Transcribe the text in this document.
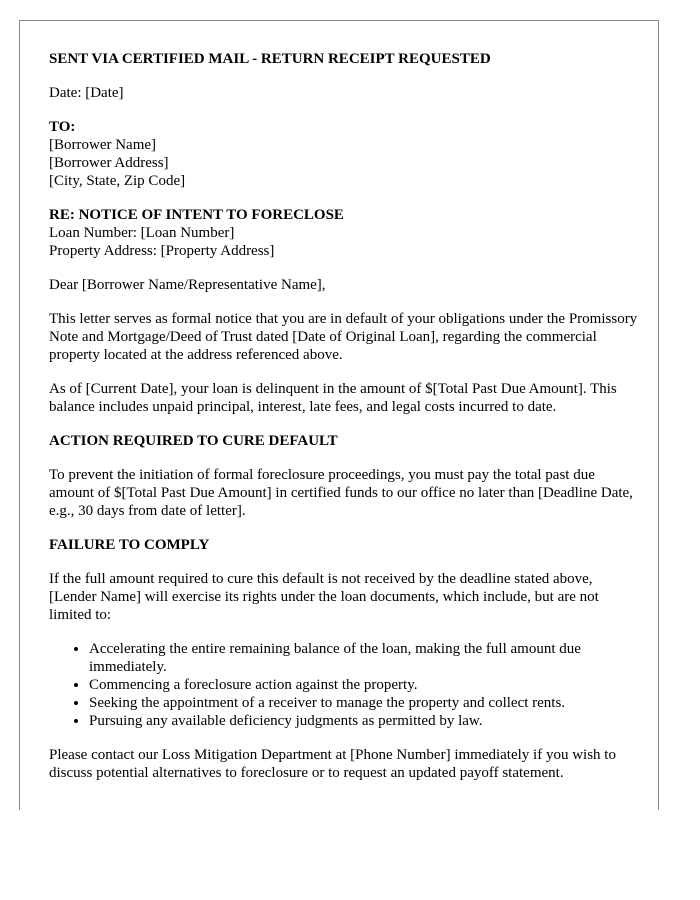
SENT VIA CERTIFIED MAIL - RETURN RECEIPT REQUESTED

Date: [Date]

TO:
[Borrower Name]
[Borrower Address]
[City, State, Zip Code]
RE: NOTICE OF INTENT TO FORECLOSE
Loan Number: [Loan Number]
Property Address: [Property Address]

Dear [Borrower Name/Representative Name],

This letter serves as formal notice that you are in default of your obligations under the Promissory Note and Mortgage/Deed of Trust dated [Date of Original Loan], regarding the commercial property located at the address referenced above.

As of [Current Date], your loan is delinquent in the amount of $[Total Past Due Amount]. This balance includes unpaid principal, interest, late fees, and legal costs incurred to date.

ACTION REQUIRED TO CURE DEFAULT

To prevent the initiation of formal foreclosure proceedings, you must pay the total past due amount of $[Total Past Due Amount] in certified funds to our office no later than [Deadline Date, e.g., 30 days from date of letter].

FAILURE TO COMPLY

If the full amount required to cure this default is not received by the deadline stated above, [Lender Name] will exercise its rights under the loan documents, which include, but are not limited to:

• Accelerating the entire remaining balance of the loan, making the full amount due immediately.
• Commencing a foreclosure action against the property.
• Seeking the appointment of a receiver to manage the property and collect rents.
• Pursuing any available deficiency judgments as permitted by law.

Please contact our Loss Mitigation Department at [Phone Number] immediately if you wish to discuss potential alternatives to foreclosure or to request an updated payoff statement.
